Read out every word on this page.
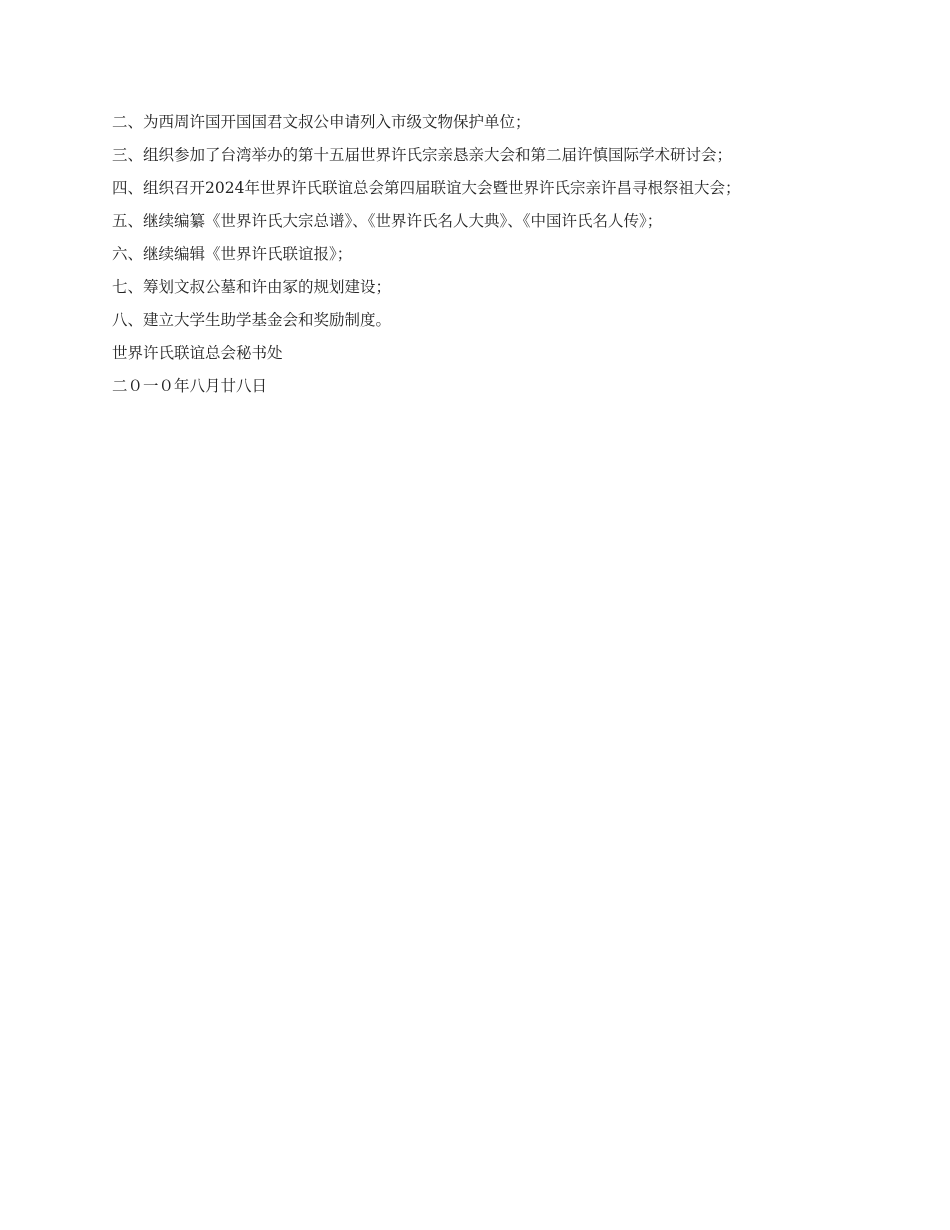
二、为西周许国开国国君文叔公申请列入市级文物保护单位；

三、组织参加了台湾举办的第十五届世界许氏宗亲恳亲大会和第二届许慎国际学术研讨会；

四、组织召开2024年世界许氏联谊总会第四届联谊大会暨世界许氏宗亲许昌寻根祭祖大会；

五、继续编纂《世界许氏大宗总谱》、《世界许氏名人大典》、《中国许氏名人传》；

六、继续编辑《世界许氏联谊报》；

七、筹划文叔公墓和许由冢的规划建设；

八、建立大学生助学基金会和奖励制度。

世界许氏联谊总会秘书处

二０一０年八月廿八日
